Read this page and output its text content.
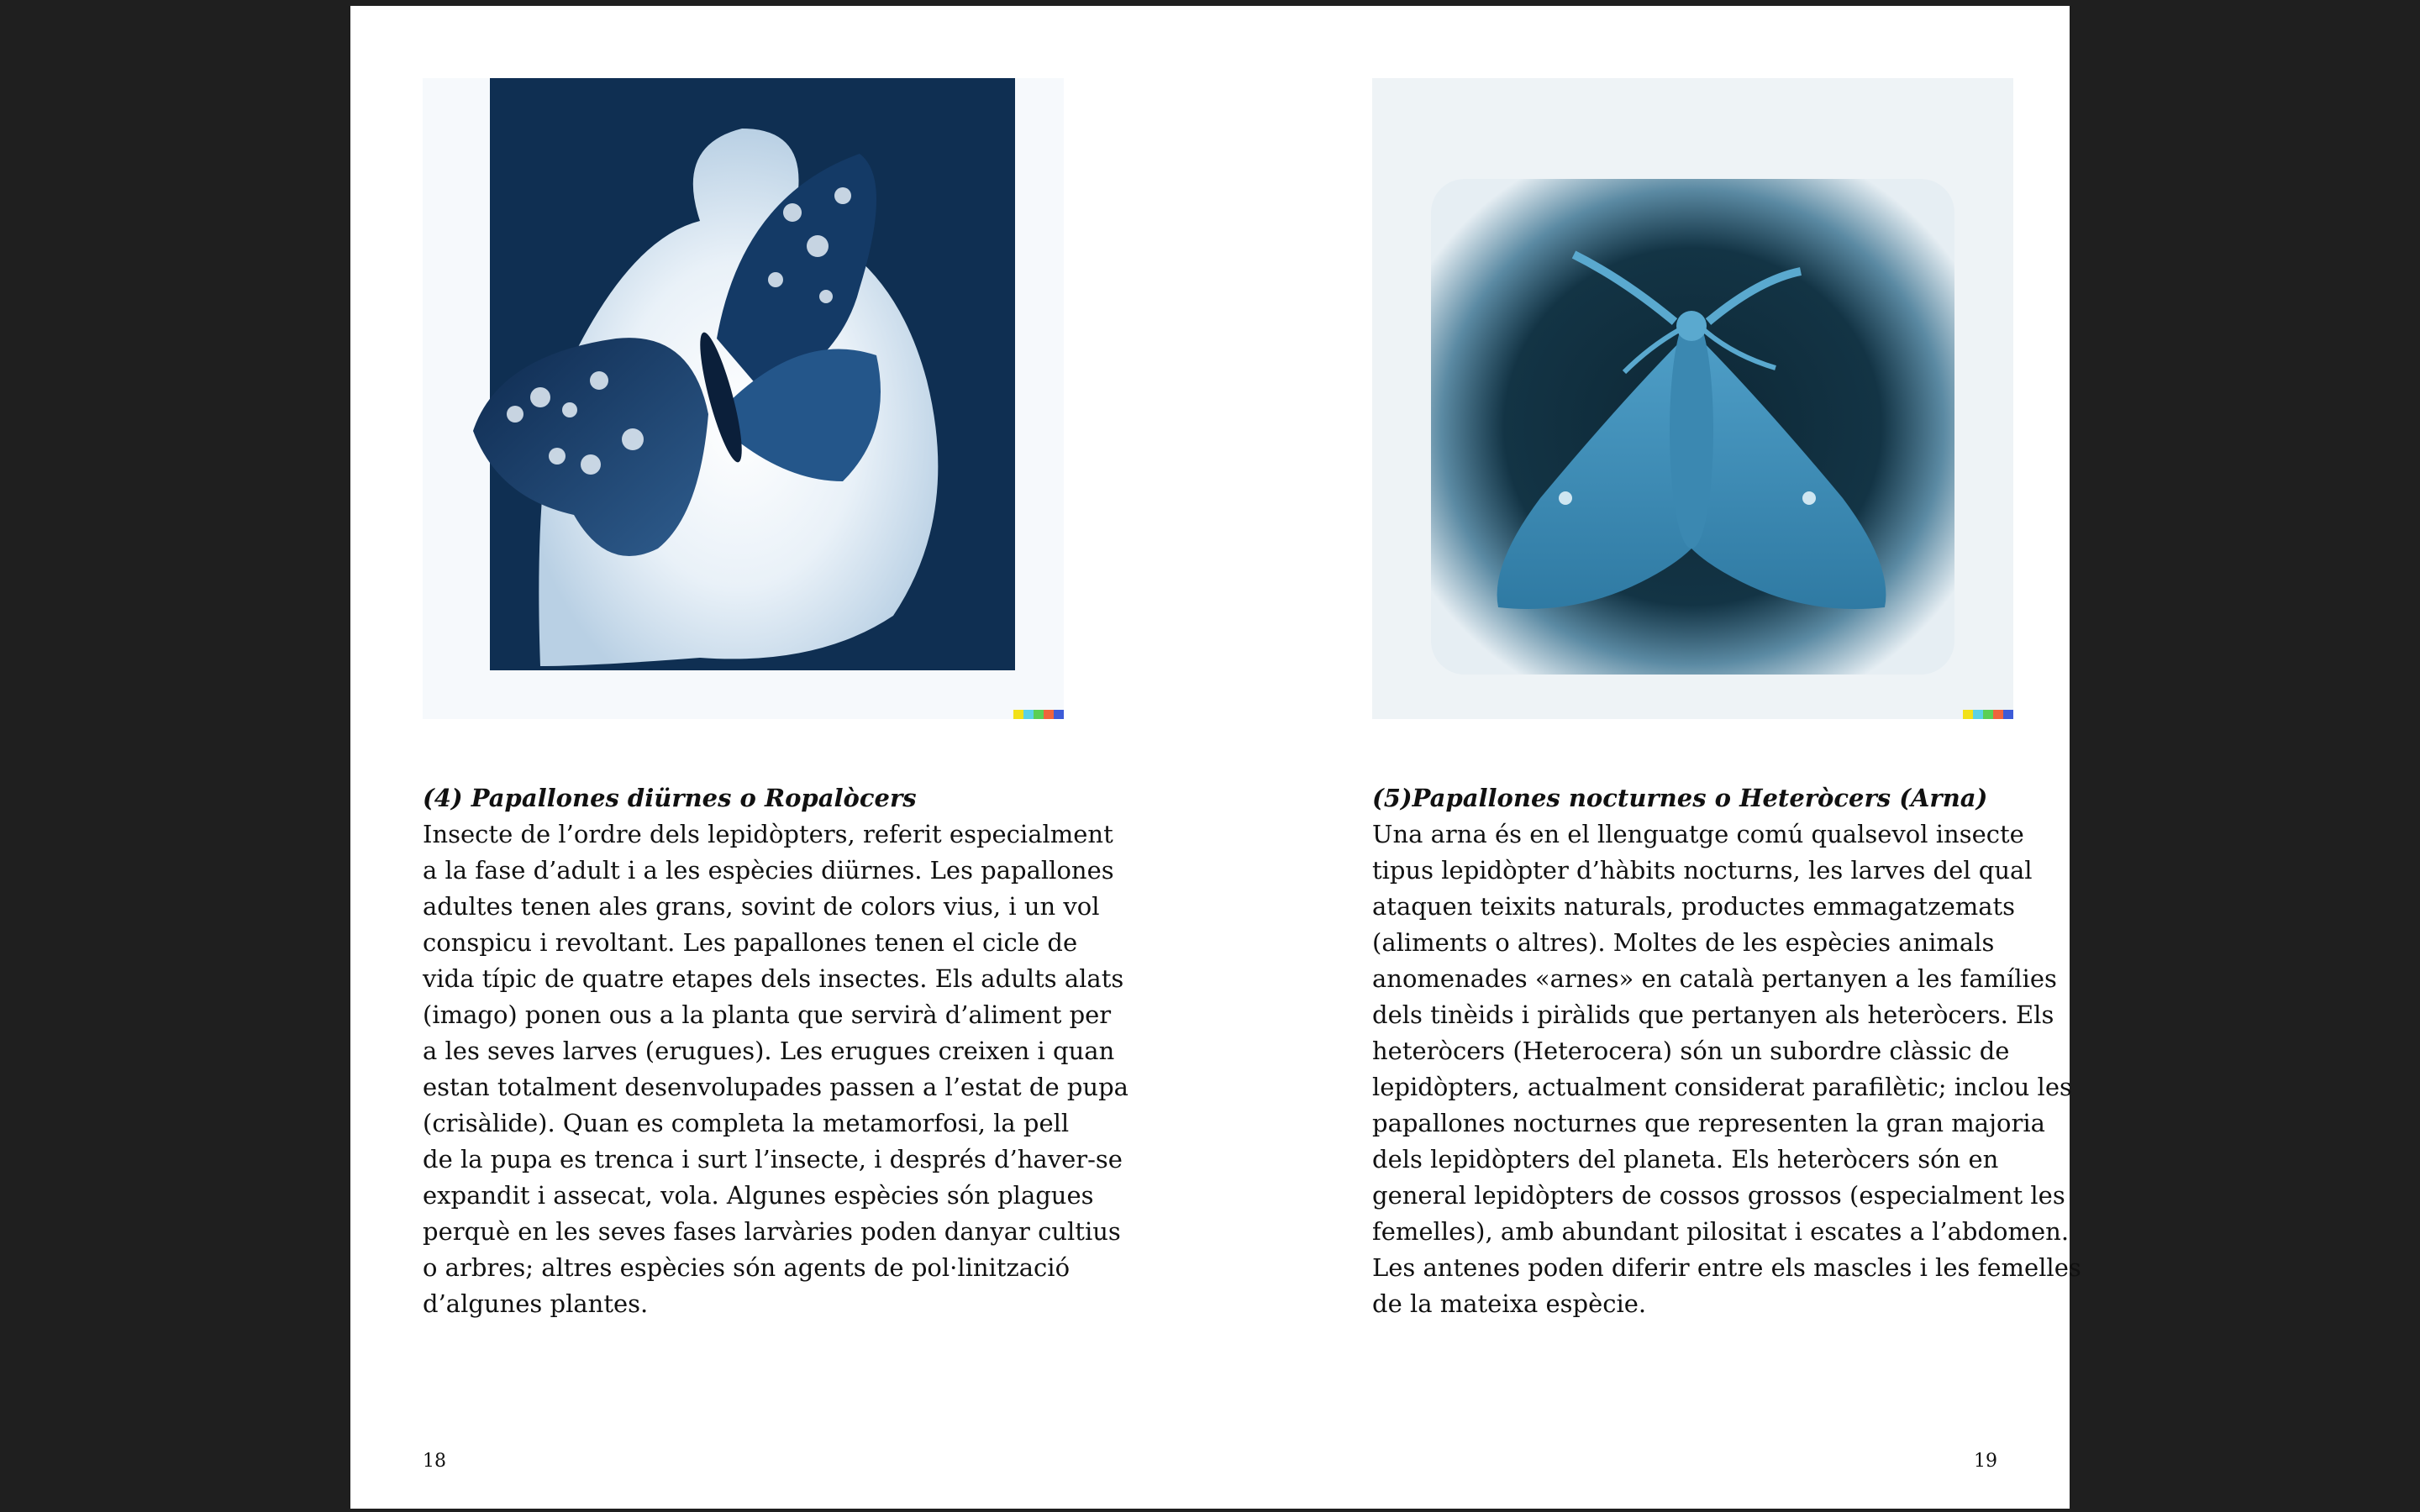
(4) Papallones diürnes o Ropalòcers
Insecte de l’ordre dels lepidòpters, referit especialment
a la fase d’adult i a les espècies diürnes. Les papallones
adultes tenen ales grans, sovint de colors vius, i un vol
conspicu i revoltant. Les papallones tenen el cicle de
vida típic de quatre etapes dels insectes. Els adults alats
(imago) ponen ous a la planta que servirà d’aliment per
a les seves larves (erugues). Les erugues creixen i quan
estan totalment desenvolupades passen a l’estat de pupa
(crisàlide). Quan es completa la metamorfosi, la pell
de la pupa es trenca i surt l’insecte, i després d’haver-se
expandit i assecat, vola. Algunes espècies són plagues
perquè en les seves fases larvàries poden danyar cultius
o arbres; altres espècies són agents de pol·linització
d’algunes plantes.
18
(5)Papallones nocturnes o Heteròcers (Arna)
Una arna és en el llenguatge comú qualsevol insecte
tipus lepidòpter d’hàbits nocturns, les larves del qual
ataquen teixits naturals, productes emmagatzemats
(aliments o altres). Moltes de les espècies animals
anomenades «arnes» en català pertanyen a les famílies
dels tinèids i piràlids que pertanyen als heteròcers. Els
heteròcers (Heterocera) són un subordre clàssic de
lepidòpters, actualment considerat parafilètic; inclou les
papallones nocturnes que representen la gran majoria
dels lepidòpters del planeta. Els heteròcers són en
general lepidòpters de cossos grossos (especialment les
femelles), amb abundant pilositat i escates a l’abdomen.
Les antenes poden diferir entre els mascles i les femelles
de la mateixa espècie.
19
